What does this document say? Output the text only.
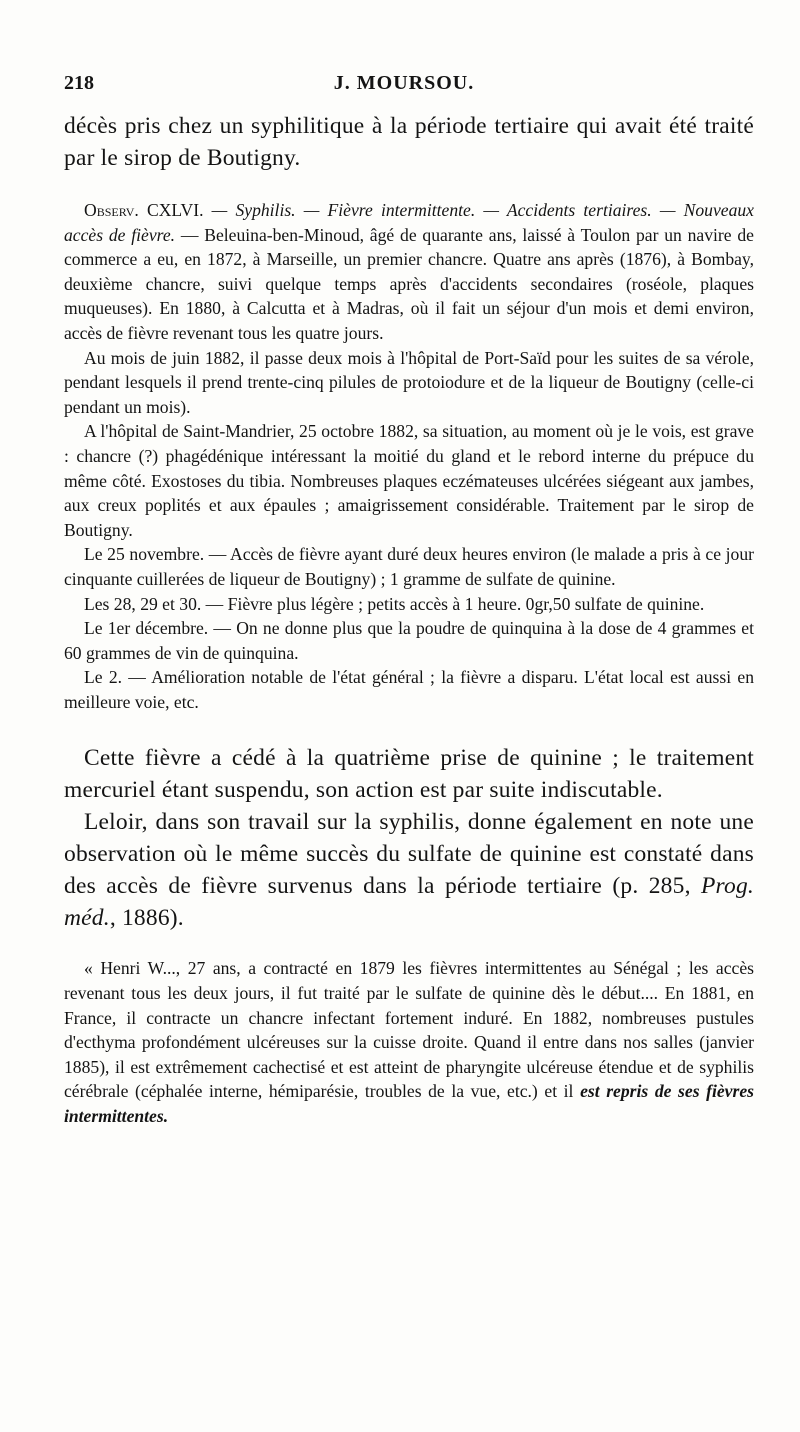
218	J. MOURSOU.

décès pris chez un syphilitique à la période tertiaire qui avait été traité par le sirop de Boutigny.

Observ. CXLVI. — Syphilis. — Fièvre intermittente. — Accidents tertiaires. — Nouveaux accès de fièvre. — Beleuina-ben-Minoud, âgé de quarante ans, laissé à Toulon par un navire de commerce a eu, en 1872, à Marseille, un premier chancre. Quatre ans après (1876), à Bombay, deuxième chancre, suivi quelque temps après d'accidents secondaires (roséole, plaques muqueuses). En 1880, à Calcutta et à Madras, où il fait un séjour d'un mois et demi environ, accès de fièvre revenant tous les quatre jours.

Au mois de juin 1882, il passe deux mois à l'hôpital de Port-Saïd pour les suites de sa vérole, pendant lesquels il prend trente-cinq pilules de protoiodure et de la liqueur de Boutigny (celle-ci pendant un mois).

A l'hôpital de Saint-Mandrier, 25 octobre 1882, sa situation, au moment où je le vois, est grave : chancre (?) phagédénique intéressant la moitié du gland et le rebord interne du prépuce du même côté. Exostoses du tibia. Nombreuses plaques eczémateuses ulcérées siégeant aux jambes, aux creux poplités et aux épaules ; amaigrissement considérable. Traitement par le sirop de Boutigny.

Le 25 novembre. — Accès de fièvre ayant duré deux heures environ (le malade a pris à ce jour cinquante cuillerées de liqueur de Boutigny) ; 1 gramme de sulfate de quinine.

Les 28, 29 et 30. — Fièvre plus légère ; petits accès à 1 heure. 0gr,50 sulfate de quinine.

Le 1er décembre. — On ne donne plus que la poudre de quinquina à la dose de 4 grammes et 60 grammes de vin de quinquina.

Le 2. — Amélioration notable de l'état général ; la fièvre a disparu. L'état local est aussi en meilleure voie, etc.

Cette fièvre a cédé à la quatrième prise de quinine ; le traitement mercuriel étant suspendu, son action est par suite indiscutable.

Leloir, dans son travail sur la syphilis, donne également en note une observation où le même succès du sulfate de quinine est constaté dans des accès de fièvre survenus dans la période tertiaire (p. 285, Prog. méd., 1886).

« Henri W..., 27 ans, a contracté en 1879 les fièvres intermittentes au Sénégal ; les accès revenant tous les deux jours, il fut traité par le sulfate de quinine dès le début.... En 1881, en France, il contracte un chancre infectant fortement induré. En 1882, nombreuses pustules d'ecthyma profondément ulcéreuses sur la cuisse droite. Quand il entre dans nos salles (janvier 1885), il est extrêmement cachectisé et est atteint de pharyngite ulcéreuse étendue et de syphilis cérébrale (céphalée interne, hémiparésie, troubles de la vue, etc.) et il est repris de ses fièvres intermittentes.
